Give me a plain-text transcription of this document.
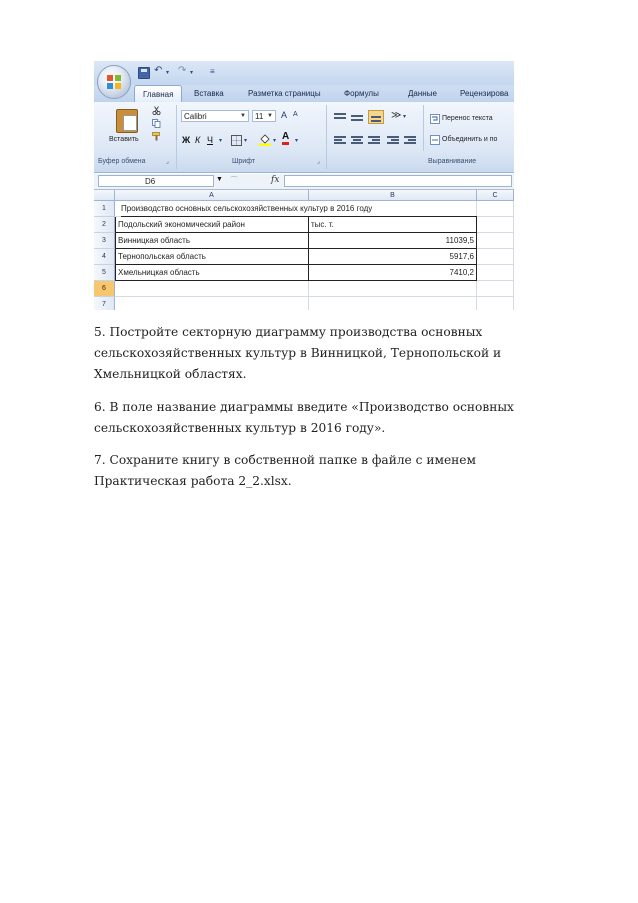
↶ ▾ ↷ ▾ ≡
Главная	Вставка	Разметка страницы	Формулы	Данные	Рецензирова
Вставить
Буфер обмена	⌟
Calibri	▼	11 ▼ A A
Ж К Ч ▾	▾	▾ A ▾
Шрифт	⌟
≫ ▾	Перенос текста
Объединить и по
Выравнивание
D6	▼ ⌒	fx
A	B	C
1	Производство основных сельскохозяйственных культур в 2016 году
2	Подольский экономический район	тыс. т.
3	Винницкая область	11039,5
4	Тернопольская область	5917,6
5	Хмельницкая область	7410,2
6
7

5. Постройте секторную диаграмму производства основных

сельскохозяйственных культур в Винницкой, Тернопольской и

Хмельницкой областях.

6. В поле название диаграммы введите «Производство основных

сельскохозяйственных культур в 2016 году».

7. Сохраните книгу в собственной папке в файле с именем

Практическая работа 2_2.xlsx.
